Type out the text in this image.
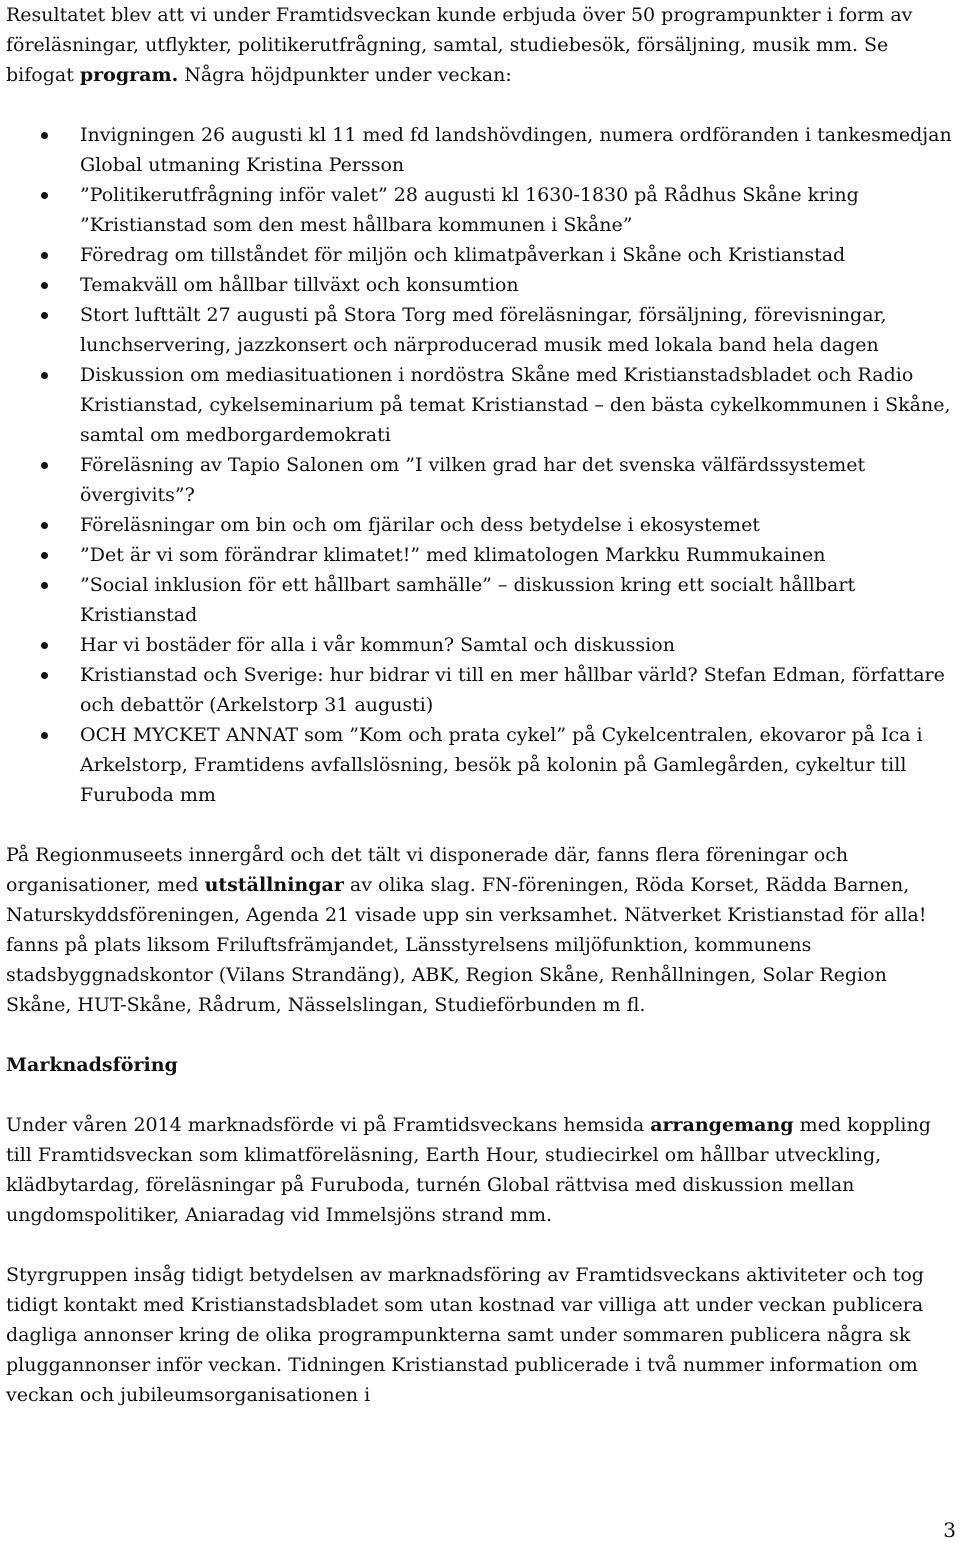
Resultatet blev att vi under Framtidsveckan kunde erbjuda över 50 programpunkter i form av föreläsningar, utflykter, politikerutfrågning, samtal, studiebesök, försäljning, musik mm. Se bifogat program. Några höjdpunkter under veckan:

Invigningen 26 augusti kl 11 med fd landshövdingen, numera ordföranden i tankesmedjan Global utmaning Kristina Persson
”Politikerutfrågning inför valet” 28 augusti kl 1630-1830 på Rådhus Skåne kring ”Kristianstad som den mest hållbara kommunen i Skåne”
Föredrag om tillståndet för miljön och klimatpåverkan i Skåne och Kristianstad
Temakväll om hållbar tillväxt och konsumtion
Stort lufttält 27 augusti på Stora Torg med föreläsningar, försäljning, förevisningar, lunchservering, jazzkonsert och närproducerad musik med lokala band hela dagen
Diskussion om mediasituationen i nordöstra Skåne med Kristianstadsbladet och Radio Kristianstad, cykelseminarium på temat Kristianstad – den bästa cykelkommunen i Skåne, samtal om medborgardemokrati
Föreläsning av Tapio Salonen om ”I vilken grad har det svenska välfärdssystemet övergivits”?
Föreläsningar om bin och om fjärilar och dess betydelse i ekosystemet
”Det är vi som förändrar klimatet!” med klimatologen Markku Rummukainen
”Social inklusion för ett hållbart samhälle” – diskussion kring ett socialt hållbart Kristianstad
Har vi bostäder för alla i vår kommun? Samtal och diskussion
Kristianstad och Sverige: hur bidrar vi till en mer hållbar värld? Stefan Edman, författare och debattör (Arkelstorp 31 augusti)
OCH MYCKET ANNAT som ”Kom och prata cykel” på Cykelcentralen, ekovaror på Ica i Arkelstorp, Framtidens avfallslösning, besök på kolonin på Gamlegården, cykeltur till Furuboda mm

På Regionmuseets innergård och det tält vi disponerade där, fanns flera föreningar och organisationer, med utställningar av olika slag. FN-föreningen, Röda Korset, Rädda Barnen, Naturskyddsföreningen, Agenda 21 visade upp sin verksamhet. Nätverket Kristianstad för alla! fanns på plats liksom Friluftsfrämjandet, Länsstyrelsens miljöfunktion, kommunens stadsbyggnadskontor (Vilans Strandäng), ABK, Region Skåne, Renhållningen, Solar Region Skåne, HUT-Skåne, Rådrum, Nässelslingan, Studieförbunden m fl.

Marknadsföring

Under våren 2014 marknadsförde vi på Framtidsveckans hemsida arrangemang med koppling till Framtidsveckan som klimatföreläsning, Earth Hour, studiecirkel om hållbar utveckling, klädbytardag, föreläsningar på Furuboda, turnén Global rättvisa med diskussion mellan ungdomspolitiker, Aniaradag vid Immelsjöns strand mm.

Styrgruppen insåg tidigt betydelsen av marknadsföring av Framtidsveckans aktiviteter och tog tidigt kontakt med Kristianstadsbladet som utan kostnad var villiga att under veckan publicera dagliga annonser kring de olika programpunkterna samt under sommaren publicera några sk pluggannonser inför veckan. Tidningen Kristianstad publicerade i två nummer information om veckan och jubileumsorganisationen i

3
